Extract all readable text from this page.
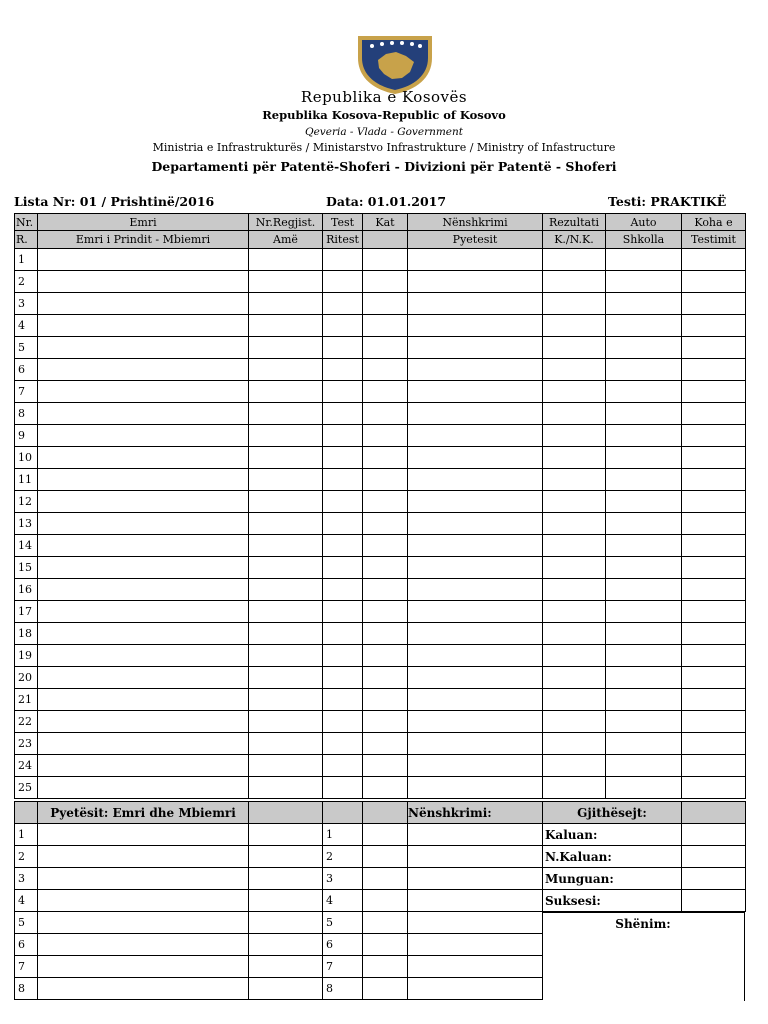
Republika e Kosovës
Republika Kosova-Republic of Kosovo
Qeveria - Vlada - Government
Ministria e Infrastrukturës / Ministarstvo Infrastrukture / Ministry of Infastructure
Departamenti për Patentë-Shoferi - Divizioni për Patentë - Shoferi
Lista Nr: 01 / Prishtinë/2016	Data: 01.01.2017	Testi: PRAKTIKË
Nr.	Emri	Nr.Regjist.	Test	Kat	Nënshkrimi	Rezultati	Auto	Koha e
R.	Emri i Prindit - Mbiemri	Amë	Ritest		Pyetesit	K./N.K.	Shkolla	Testimit
1								
2								
3								
4								
5								
6								
7								
8								
9								
10								
11								
12								
13								
14								
15								
16								
17								
18								
19								
20								
21								
22								
23								
24								
25								
	Pyetësit: Emri dhe Mbiemri				Nënshkrimi:	Gjithësejt:	
1			1			Kaluan:	
2			2			N.Kaluan:	
3			3			Munguan:	
4			4			Suksesi:	
5			5				
6			6				
7			7				
8			8				
Shënim:
